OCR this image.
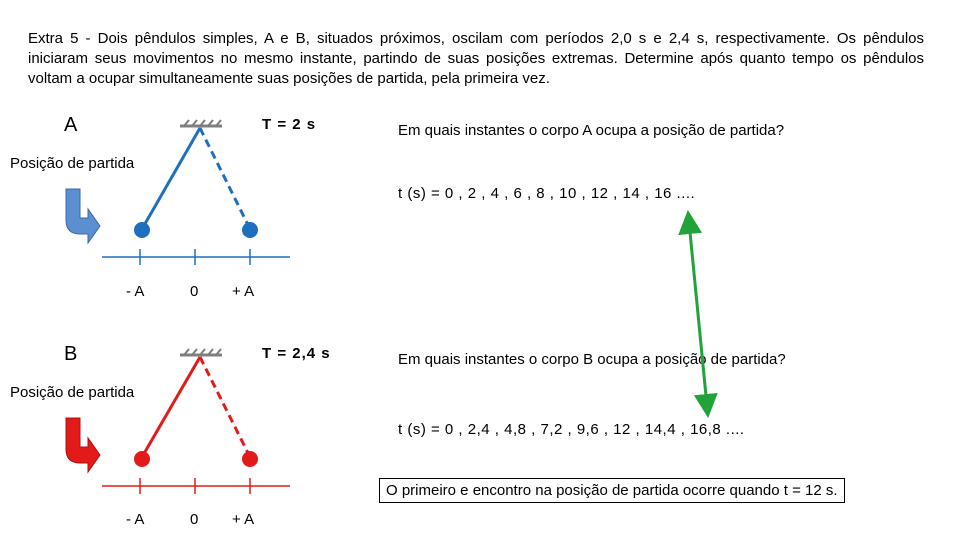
Extra 5 - Dois pêndulos simples, A e B, situados próximos, oscilam com períodos 2,0 s e 2,4 s, respectivamente. Os pêndulos iniciaram seus movimentos no mesmo instante, partindo de suas posições extremas. Determine após quanto tempo os pêndulos voltam a ocupar simultaneamente suas posições de partida, pela primeira vez.
A	T = 2 s	Em quais instantes o corpo A ocupa a posição de partida?
Posição de partida
t (s) = 0 , 2 , 4 , 6 , 8 , 10 , 12 , 14 , 16 ....
- A	0 + A
B	T = 2,4 s	Em quais instantes o corpo B ocupa a posição de partida?
Posição de partida
t (s) = 0 , 2,4 , 4,8 , 7,2 , 9,6 , 12 , 14,4 , 16,8 ....
- A	0 + A
O primeiro e encontro na posição de partida ocorre quando t = 12 s.
